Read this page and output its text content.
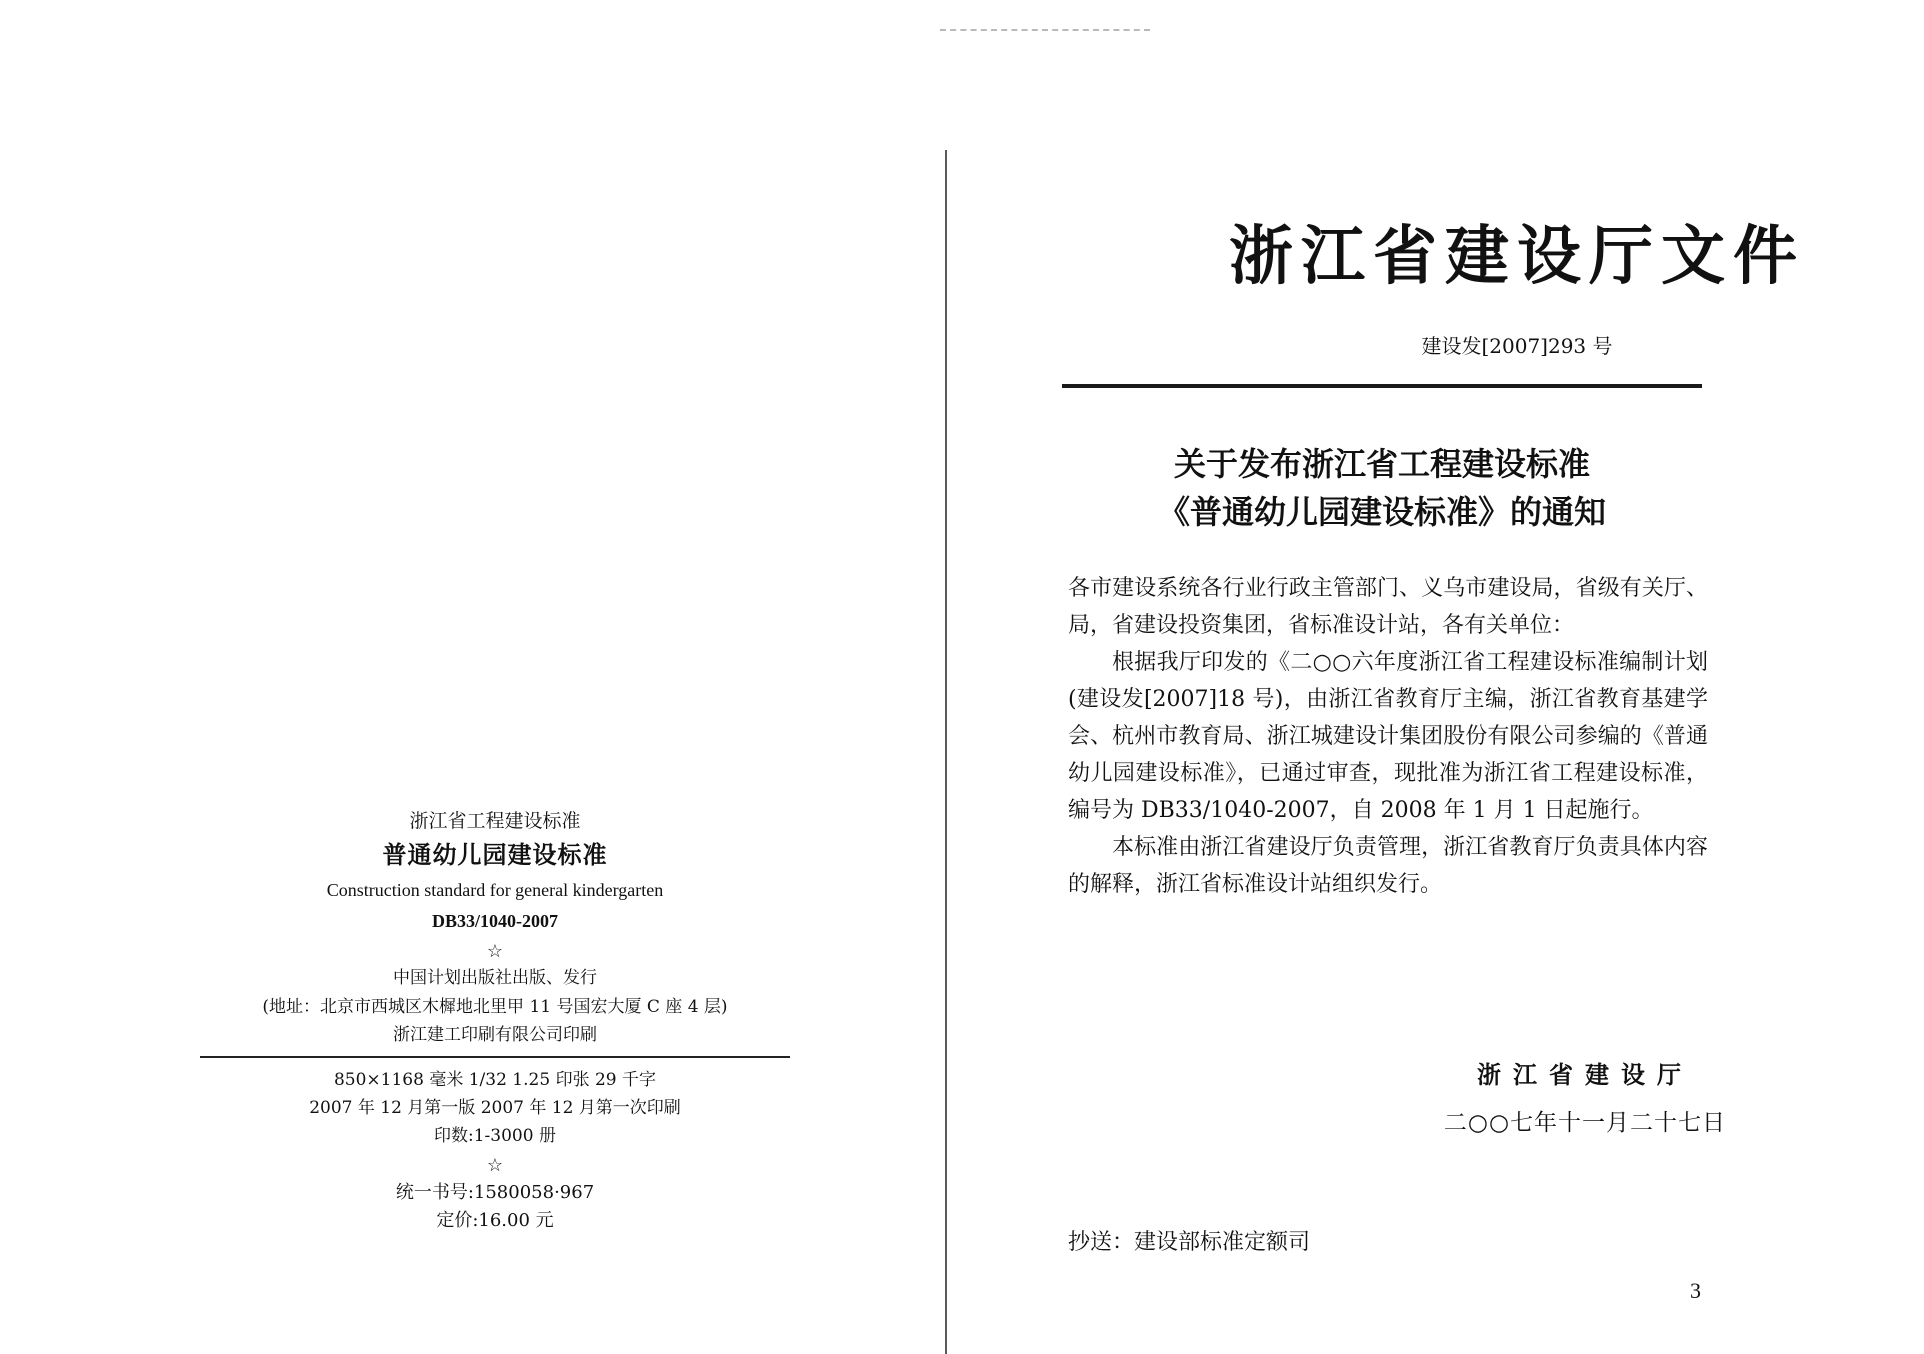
浙江省工程建设标准
普通幼儿园建设标准
Construction standard for general kindergarten
DB33/1040-2007
☆
中国计划出版社出版、发行
(地址：北京市西城区木樨地北里甲 11 号国宏大厦 C 座 4 层)
浙江建工印刷有限公司印刷
850×1168 毫米 1/32 1.25 印张 29 千字
2007 年 12 月第一版 2007 年 12 月第一次印刷
印数:1-3000 册
☆
统一书号:1580058·967
定价:16.00 元
浙江省建设厅文件
建设发[2007]293 号
关于发布浙江省工程建设标准
《普通幼儿园建设标准》的通知

各市建设系统各行业行政主管部门、义乌市建设局，省级有关厅、局，省建设投资集团，省标准设计站，各有关单位：

根据我厅印发的《二○○六年度浙江省工程建设标准编制计划(建设发[2007]18 号)，由浙江省教育厅主编，浙江省教育基建学会、杭州市教育局、浙江城建设计集团股份有限公司参编的《普通幼儿园建设标准》，已通过审查，现批准为浙江省工程建设标准，编号为 DB33/1040-2007，自 2008 年 1 月 1 日起施行。

本标准由浙江省建设厅负责管理，浙江省教育厅负责具体内容的解释，浙江省标准设计站组织发行。

浙江省建设厅
二○○七年十一月二十七日
抄送：建设部标准定额司
3
